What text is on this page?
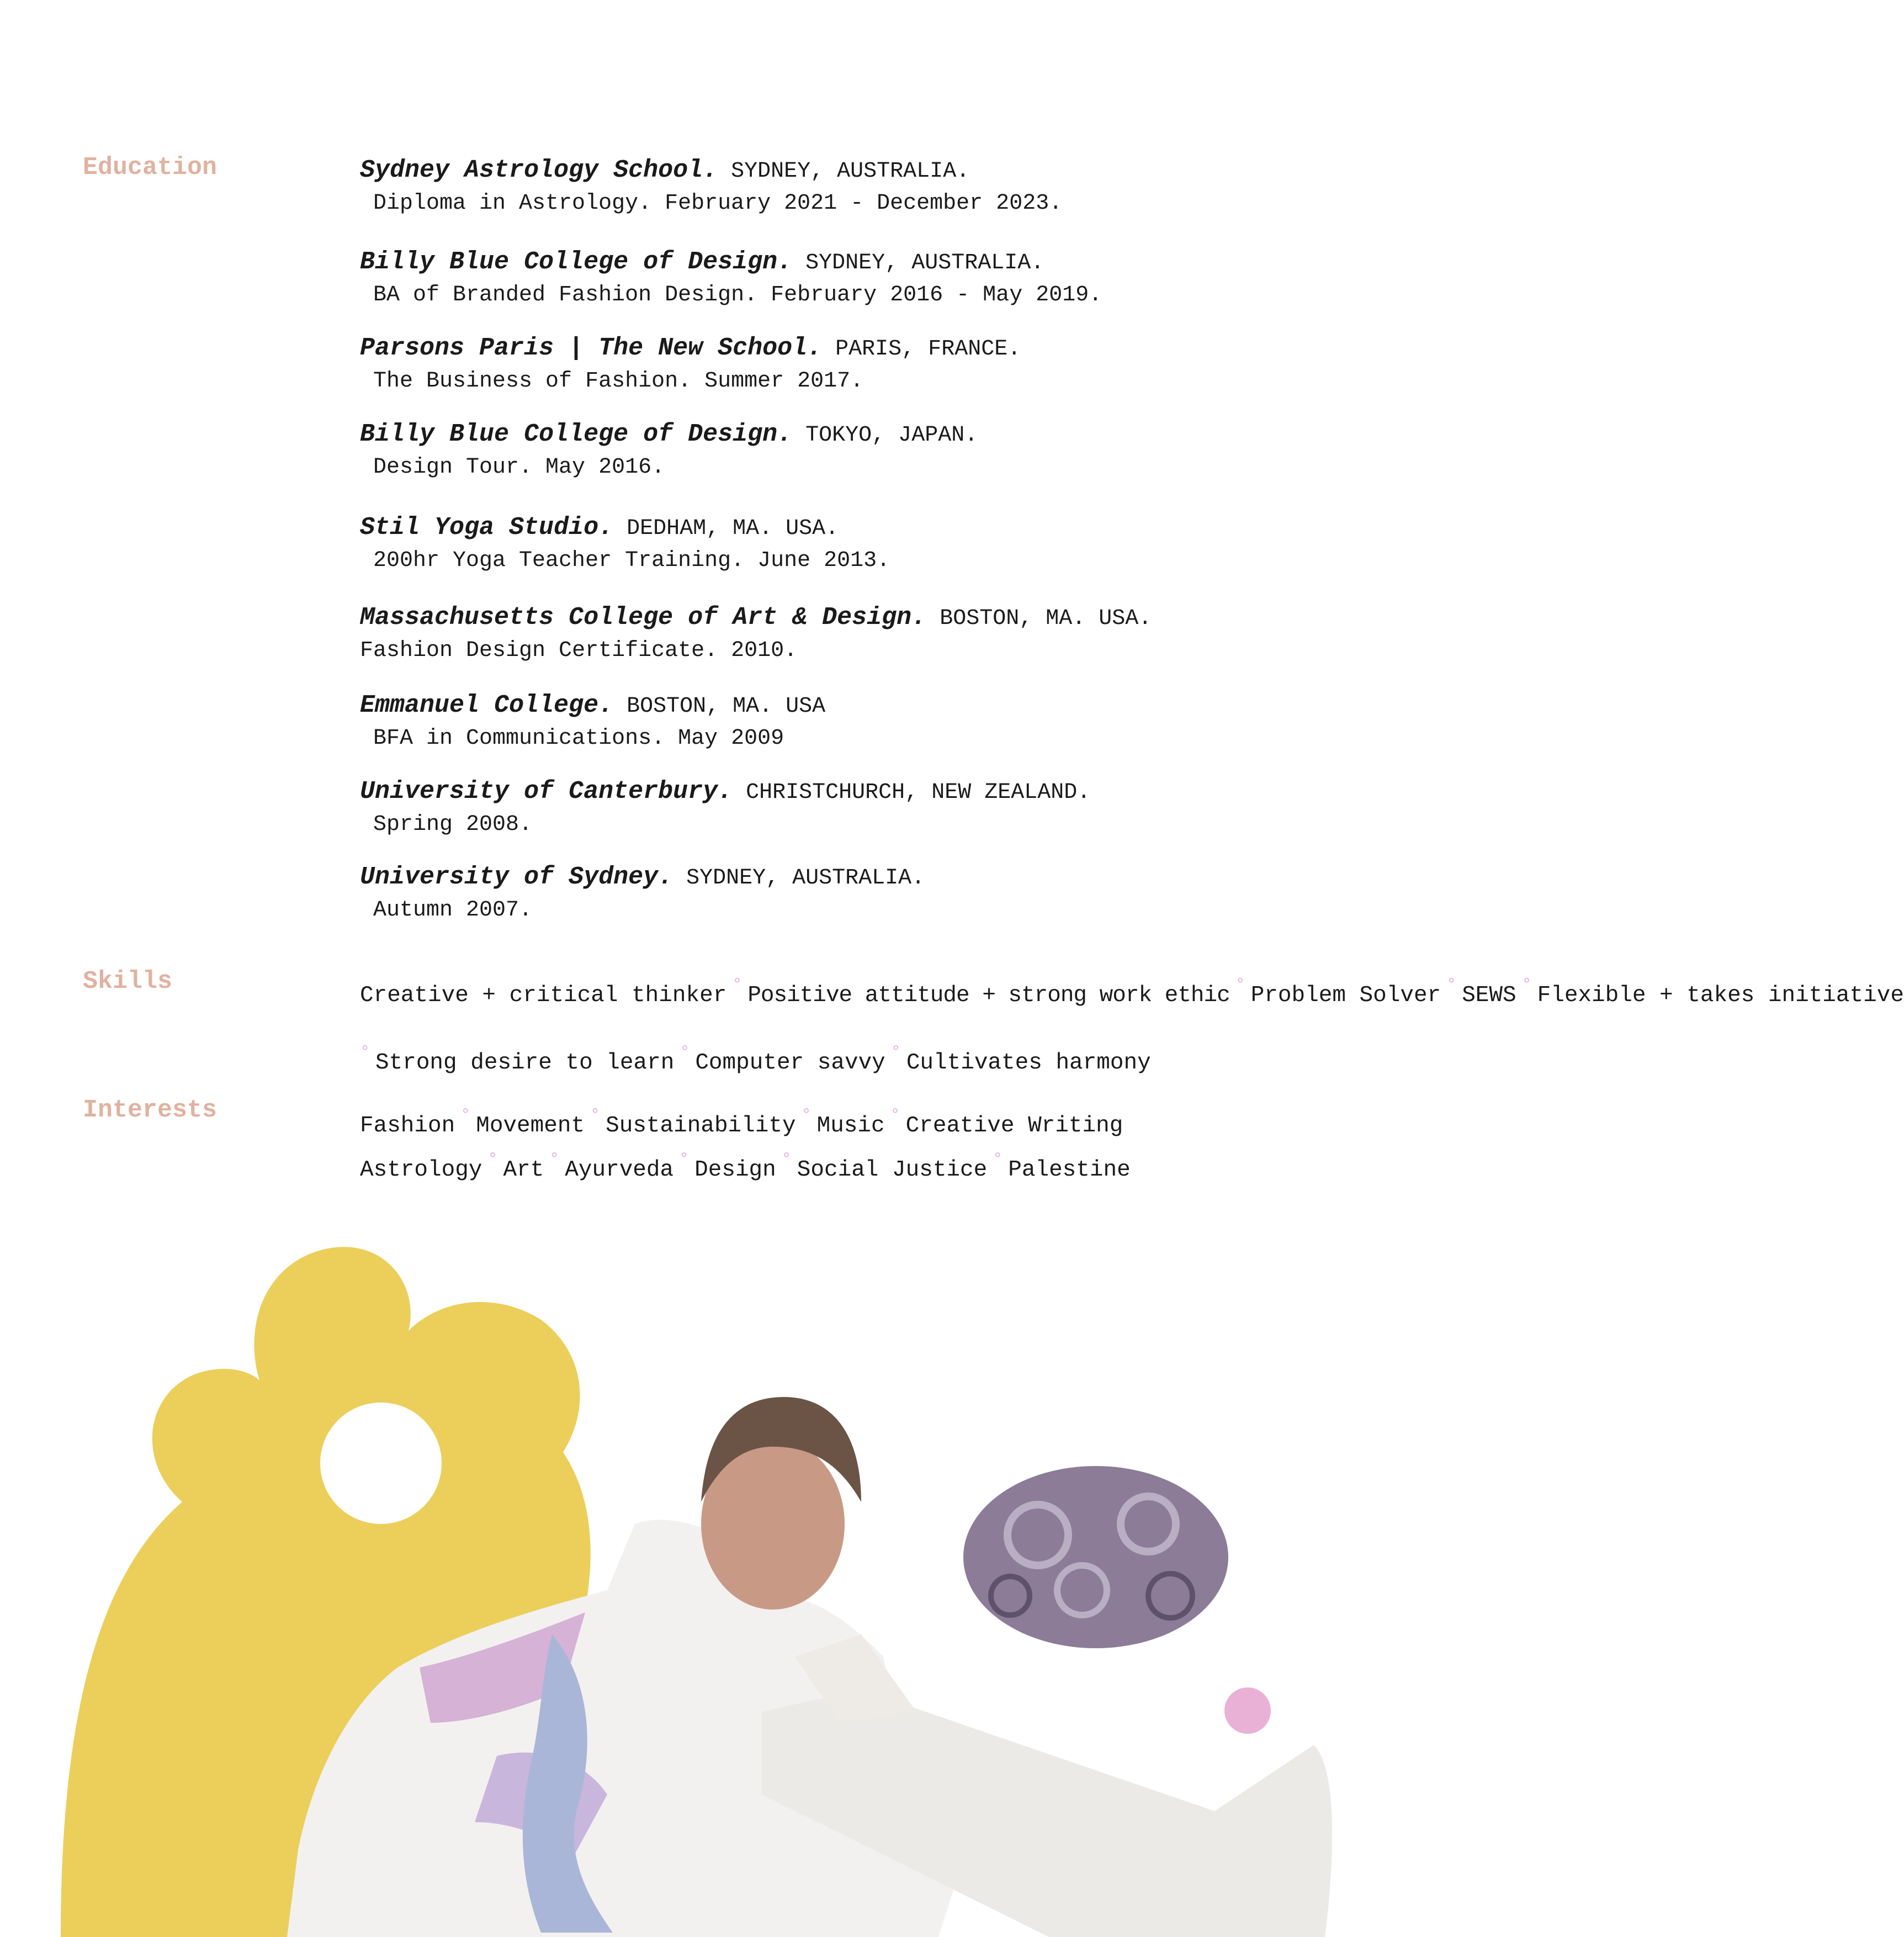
Education
Skills
Interests
Sydney Astrology School. SYDNEY, AUSTRALIA.
Diploma in Astrology. February 2021 - December 2023.
Billy Blue College of Design. SYDNEY, AUSTRALIA.
BA of Branded Fashion Design. February 2016 - May 2019.
Parsons Paris | The New School. PARIS, FRANCE.
The Business of Fashion. Summer 2017.
Billy Blue College of Design. TOKYO, JAPAN.
Design Tour. May 2016.
Stil Yoga Studio. DEDHAM, MA. USA.
200hr Yoga Teacher Training. June 2013.
Massachusetts College of Art & Design. BOSTON, MA. USA.
Fashion Design Certificate. 2010.
Emmanuel College. BOSTON, MA. USA
BFA in Communications. May 2009
University of Canterbury. CHRISTCHURCH, NEW ZEALAND.
Spring 2008.
University of Sydney. SYDNEY, AUSTRALIA.
Autumn 2007.
Creative + critical thinker ° Positive attitude + strong work ethic ° Problem Solver ° SEWS ° Flexible + takes initiative
° Strong desire to learn ° Computer savvy ° Cultivates harmony
Fashion ° Movement ° Sustainability ° Music ° Creative Writing
Astrology ° Art ° Ayurveda ° Design ° Social Justice ° Palestine
